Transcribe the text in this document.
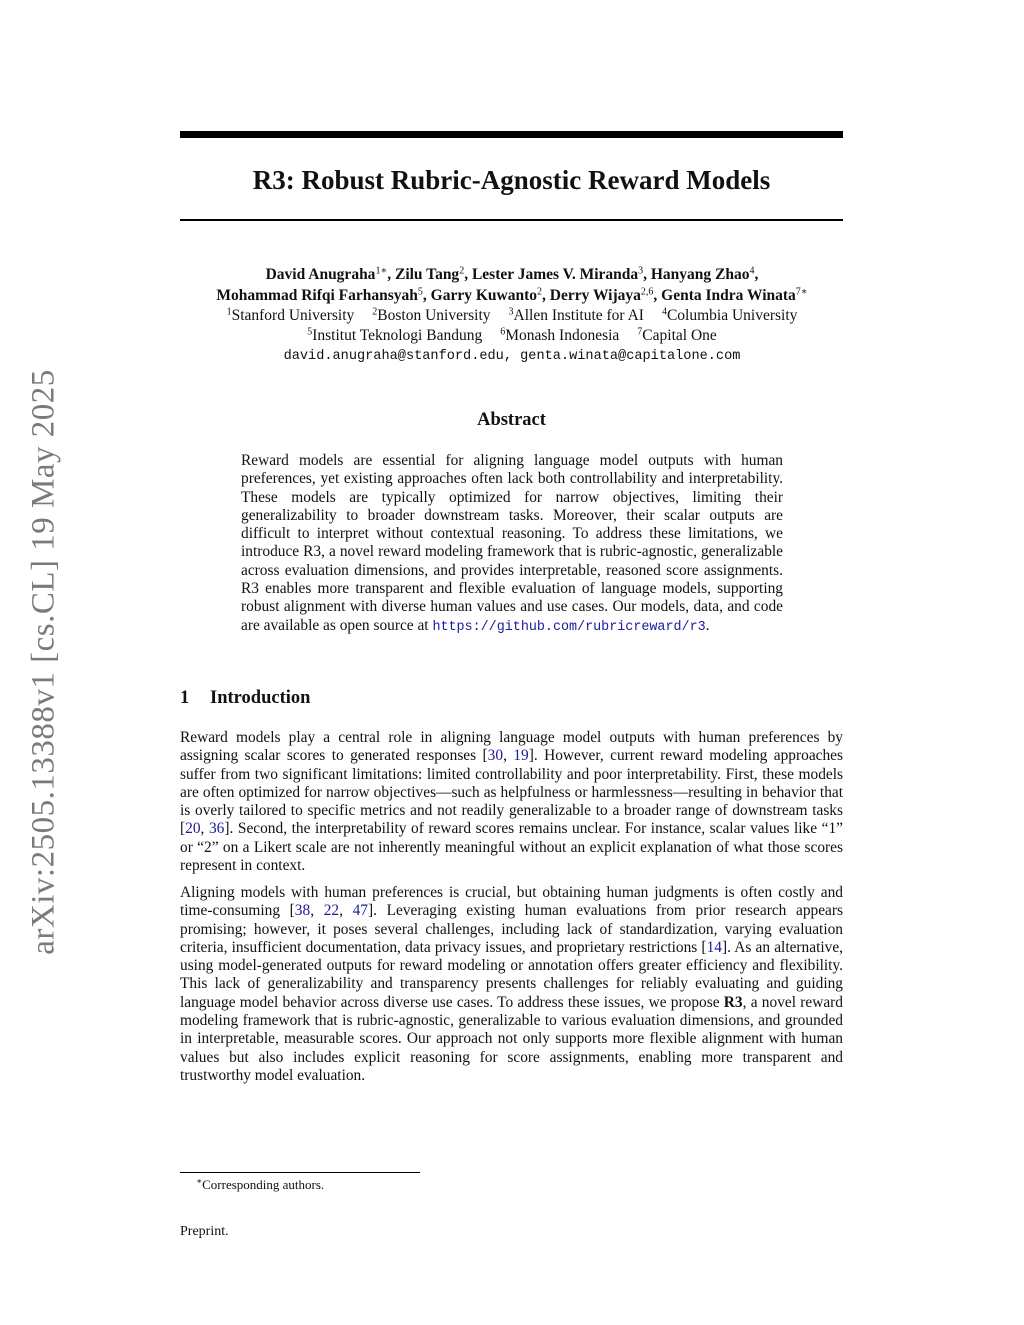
arXiv:2505.13388v1 [cs.CL] 19 May 2025
R3: Robust Rubric-Agnostic Reward Models
David Anugraha$^{1∗}$, Zilu Tang$^2$, Lester James V. Miranda$^3$, Hanyang Zhao$^4$,
Mohammad Rifqi Farhansyah$^5$, Garry Kuwanto$^2$, Derry Wijaya$^{2,6}$, Genta Indra Winata$^{7∗}$
$^1$Stanford University $^2$Boston University $^3$Allen Institute for AI $^4$Columbia University
$^5$Institut Teknologi Bandung $^6$Monash Indonesia $^7$Capital One
david.anugraha@stanford.edu, genta.winata@capitalone.com
Abstract

Reward models are essential for aligning language model outputs with human preferences, yet existing approaches often lack both controllability and interpretability. These models are typically optimized for narrow objectives, limiting their generalizability to broader downstream tasks. Moreover, their scalar outputs are difficult to interpret without contextual reasoning. To address these limitations, we introduce R3, a novel reward modeling framework that is rubric-agnostic, generalizable across evaluation dimensions, and provides interpretable, reasoned score assignments. R3 enables more transparent and flexible evaluation of language models, supporting robust alignment with diverse human values and use cases. Our models, data, and code are available as open source at https://github.com/rubricreward/r3.

1 Introduction

Reward models play a central role in aligning language model outputs with human preferences by assigning scalar scores to generated responses [30, 19]. However, current reward modeling approaches suffer from two significant limitations: limited controllability and poor interpretability. First, these models are often optimized for narrow objectives—such as helpfulness or harmlessness—resulting in behavior that is overly tailored to specific metrics and not readily generalizable to a broader range of downstream tasks [20, 36]. Second, the interpretability of reward scores remains unclear. For instance, scalar values like “1” or “2” on a Likert scale are not inherently meaningful without an explicit explanation of what those scores represent in context.

Aligning models with human preferences is crucial, but obtaining human judgments is often costly and time-consuming [38, 22, 47]. Leveraging existing human evaluations from prior research appears promising; however, it poses several challenges, including lack of standardization, varying evaluation criteria, insufficient documentation, data privacy issues, and proprietary restrictions [14]. As an alternative, using model-generated outputs for reward modeling or annotation offers greater efficiency and flexibility. This lack of generalizability and transparency presents challenges for reliably evaluating and guiding language model behavior across diverse use cases. To address these issues, we propose R3, a novel reward modeling framework that is rubric-agnostic, generalizable to various evaluation dimensions, and grounded in interpretable, measurable scores. Our approach not only supports more flexible alignment with human values but also includes explicit reasoning for score assignments, enabling more transparent and trustworthy model evaluation.

∗Corresponding authors.

Preprint.
